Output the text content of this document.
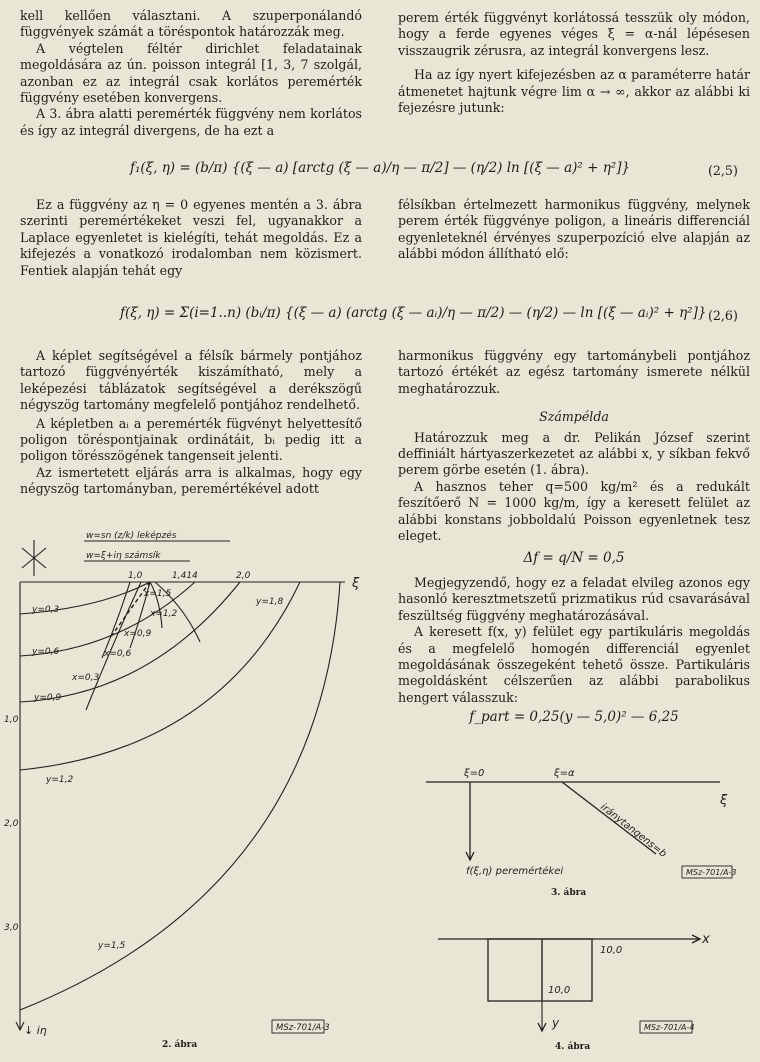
kell kellően választani. A szuperponálandó függvények számát a töréspontok határozzák meg.

A végtelen féltér dirichlet feladatainak megoldására az ún. poisson integrál [1, 3, 7 szolgál, azonban ez az integrál csak korlátos peremérték függvény esetében konvergens.

A 3. ábra alatti peremérték függvény nem korlátos és így az integrál divergens, de ha ezt a

perem érték függvényt korlátossá tesszük oly módon, hogy a ferde egyenes véges ξ = α-nál lépésesen visszaugrik zérusra, az integrál konvergens lesz.

Ha az így nyert kifejezésben az α paraméterre határ átmenetet hajtunk végre lim α → ∞, akkor az alábbi ki fejezésre jutunk:

f₁(ξ, η) = (b/π) {(ξ — a) [arctg (ξ — a)/η — π/2] — (η/2) ln [(ξ — a)² + η²]}	(2,5)

Ez a függvény az η = 0 egyenes mentén a 3. ábra szerinti peremértékeket veszi fel, ugyanakkor a Laplace egyenletet is kielégíti, tehát megoldás. Ez a kifejezés a vonatkozó irodalomban nem közismert. Fentiek alapján tehát egy

félsíkban értelmezett harmonikus függvény, melynek perem érték függvénye poligon, a lineáris differenciál egyenleteknél érvényes szuperpozíció elve alapján az alábbi módon állítható elő:

f(ξ, η) = Σ(i=1..n) (bᵢ/π) {(ξ — a) (arctg (ξ — aᵢ)/η — π/2) — (η/2) — ln [(ξ — aᵢ)² + η²]} (2,6)

A képlet segítségével a félsík bármely pontjához tartozó függvényérték kiszámítható, mely a leképezési táblázatok segítségével a derékszögű négyszög tartomány megfelelő pontjához rendelhető.

A képletben aᵢ a peremérték fügvényt helyettesítő poligon töréspontjainak ordinátáit, bᵢ pedig itt a poligon törésszögének tangenseit jelenti.

Az ismertetett eljárás arra is alkalmas, hogy egy négyszög tartományban, peremértékével adott

harmonikus függvény egy tartománybeli pontjához tartozó értékét az egész tartomány ismerete nélkül meghatározzuk.

Számpélda

Határozzuk meg a dr. Pelikán József szerint deffiniált hártyaszerkezetet az alábbi x, y síkban fekvő perem görbe esetén (1. ábra).

A hasznos teher q=500 kg/m² és a redukált feszítőerő N = 1000 kg/m, így a keresett felület az alábbi konstans jobboldalú Poisson egyenletnek tesz eleget.

Δf = q/N = 0,5

Megjegyzendő, hogy ez a feladat elvileg azonos egy hasonló keresztmetszetű prizmatikus rúd csavarásával feszültség függvény meghatározásával.

A keresett f(x, y) felület egy partikuláris megoldás és a megfelelő homogén differenciál egyenlet megoldásának összegeként tehető össze. Partikuláris megoldásként célszerűen az alábbi parabolikus hengert válasszuk:

f_part = 0,25(y — 5,0)² — 6,25

w=sn (z/k) leképzés
w=ξ+iη számsík
ξ
↓ iη
1,0	1,414	2,0
1,0
2,0
3,0
y=0,3
y=0,6
y=0,9
y=1,2
y=1,5
y=1,8
x=0,3
x=0,6
x=1,5
x=1,2
x=0,9
MSz-701/A-3
2. ábra
ξ=0	ξ=α
ξ
iránytangens=b
f(ξ,η) peremértékei	MSz-701/A-3
3. ábra
x
y
10,0
10,0
MSz-701/A-4
4. ábra
